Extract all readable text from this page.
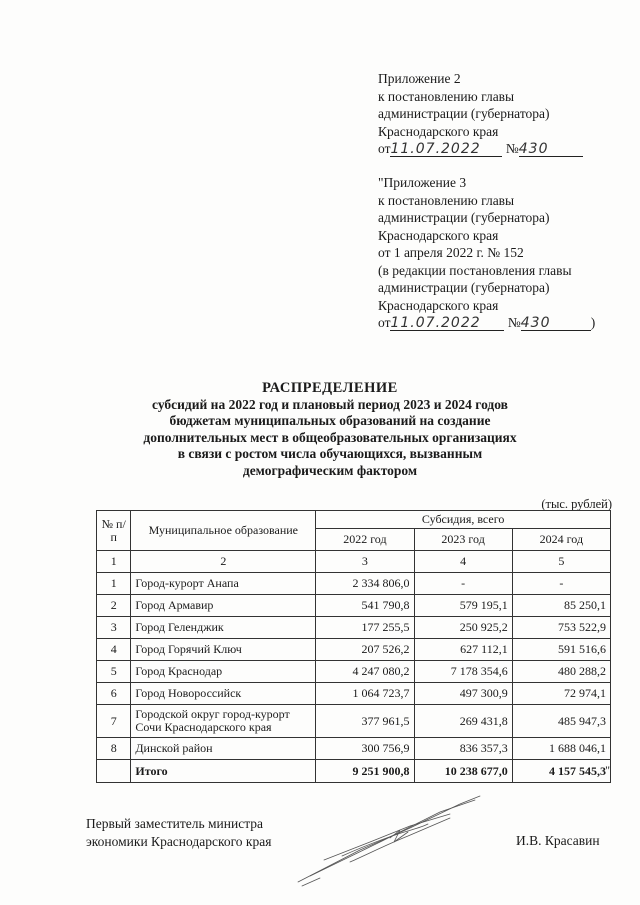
Приложение 2
к постановлению главы
администрации (губернатора)
Краснодарского края
от11.07.2022 №430
"Приложение 3
к постановлению главы
администрации (губернатора)
Краснодарского края
от 1 апреля 2022 г. № 152
(в редакции постановления главы
администрации (губернатора)
Краснодарского края
от11.07.2022 №430	)
РАСПРЕДЕЛЕНИЕ
субсидий на 2022 год и плановый период 2023 и 2024 годов
бюджетам муниципальных образований на создание
дополнительных мест в общеобразовательных организациях
в связи с ростом числа обучающихся, вызванным
демографическим фактором
(тыс. рублей)
№ п/п	Муниципальное образование	Субсидия, всего		
		2022 год	2023 год	2024 год
1	2	3	4	5
1	Город-курорт Анапа	2 334 806,0	-	-
2	Город Армавир	541 790,8	579 195,1	85 250,1
3	Город Геленджик	177 255,5	250 925,2	753 522,9
4	Город Горячий Ключ	207 526,2	627 112,1	591 516,6
5	Город Краснодар	4 247 080,2	7 178 354,6	480 288,2
6	Город Новороссийск	1 064 723,7	497 300,9	72 974,1
7	Городской округ город-курорт Сочи Краснодарского края	377 961,5	269 431,8	485 947,3
8	Динской район	300 756,9	836 357,3	1 688 046,1
	Итого	9 251 900,8	10 238 677,0	4 157 545,3 "
Первый заместитель министра
экономики Краснодарского края	И.В. Красавин
